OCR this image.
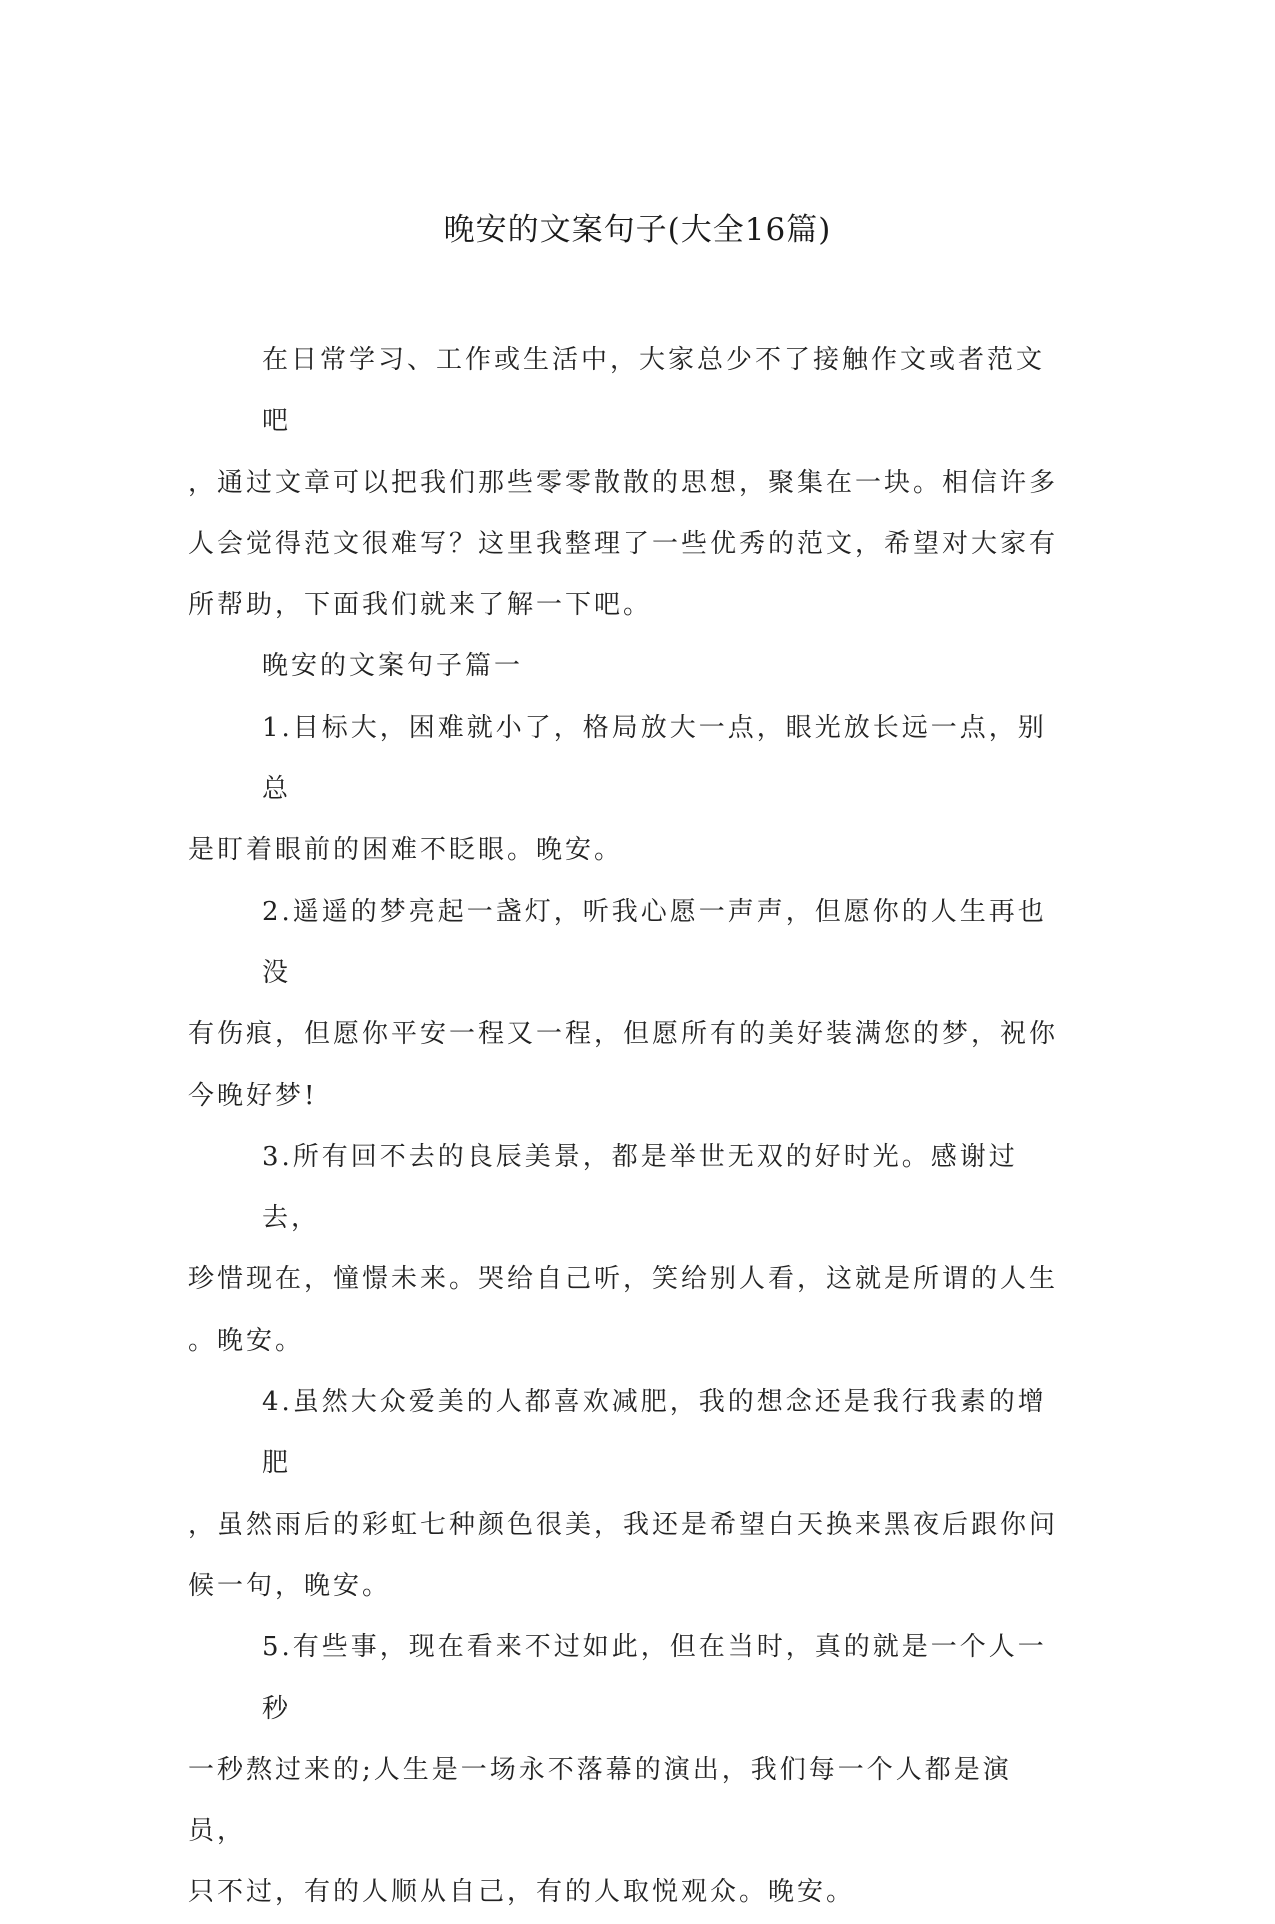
晚安的文案句子(大全16篇)

在日常学习、工作或生活中，大家总少不了接触作文或者范文吧

，通过文章可以把我们那些零零散散的思想，聚集在一块。相信许多

人会觉得范文很难写？这里我整理了一些优秀的范文，希望对大家有

所帮助，下面我们就来了解一下吧。

晚安的文案句子篇一

1.目标大，困难就小了，格局放大一点，眼光放长远一点，别总

是盯着眼前的困难不眨眼。晚安。

2.遥遥的梦亮起一盏灯，听我心愿一声声，但愿你的人生再也没

有伤痕，但愿你平安一程又一程，但愿所有的美好装满您的梦，祝你

今晚好梦!

3.所有回不去的良辰美景，都是举世无双的好时光。感谢过去，

珍惜现在，憧憬未来。哭给自己听，笑给别人看，这就是所谓的人生

。晚安。

4.虽然大众爱美的人都喜欢减肥，我的想念还是我行我素的增肥

，虽然雨后的彩虹七种颜色很美，我还是希望白天换来黑夜后跟你问

候一句，晚安。

5.有些事，现在看来不过如此，但在当时，真的就是一个人一秒

一秒熬过来的;人生是一场永不落幕的演出，我们每一个人都是演员，

只不过，有的人顺从自己，有的人取悦观众。晚安。
